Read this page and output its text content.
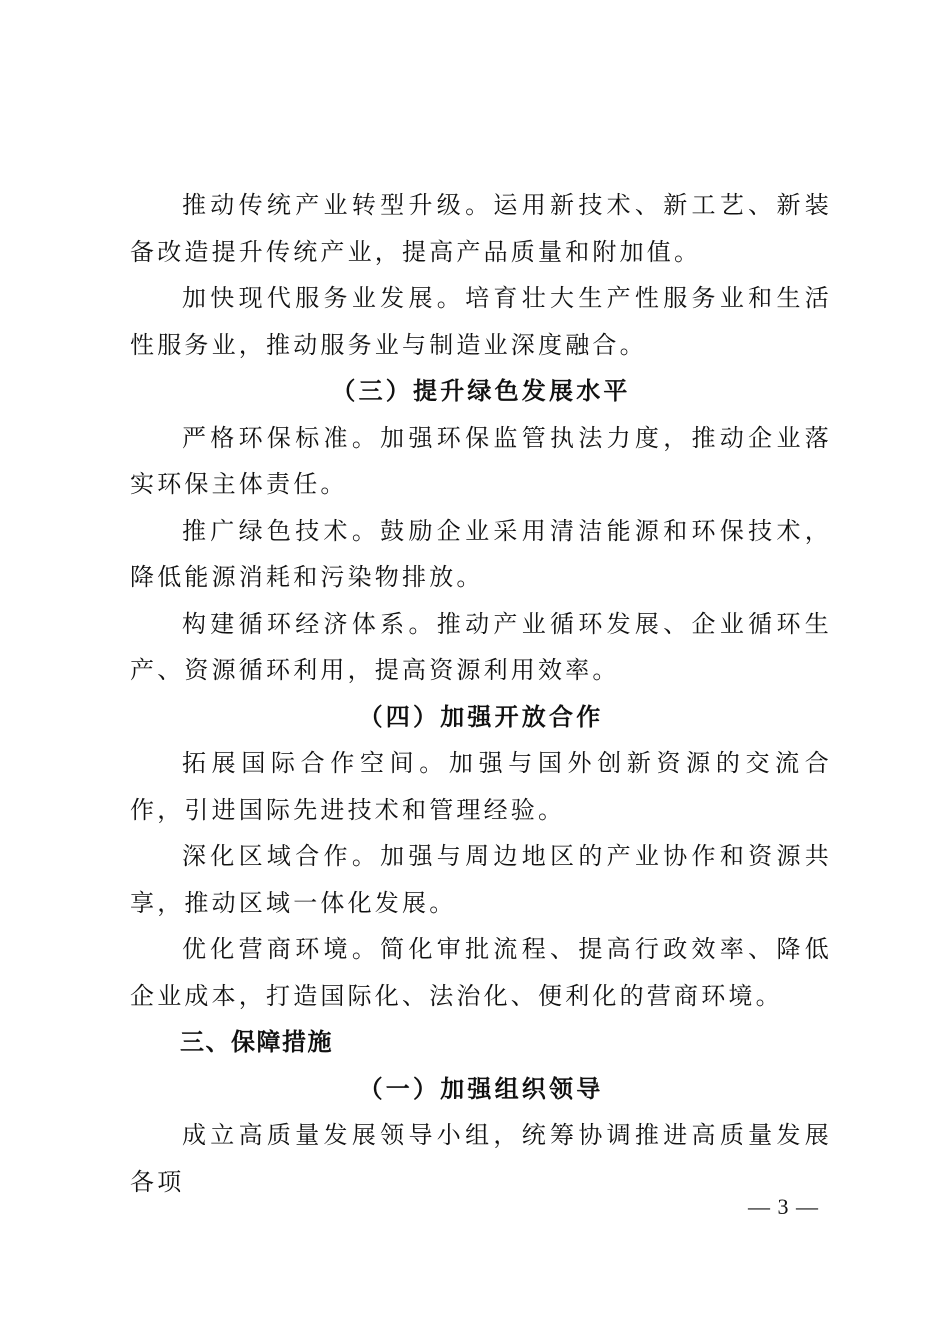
推动传统产业转型升级。运用新技术、新工艺、新装备改造提升传统产业，提高产品质量和附加值。

加快现代服务业发展。培育壮大生产性服务业和生活性服务业，推动服务业与制造业深度融合。

（三）提升绿色发展水平

严格环保标准。加强环保监管执法力度，推动企业落实环保主体责任。

推广绿色技术。鼓励企业采用清洁能源和环保技术，降低能源消耗和污染物排放。

构建循环经济体系。推动产业循环发展、企业循环生产、资源循环利用，提高资源利用效率。

（四）加强开放合作

拓展国际合作空间。加强与国外创新资源的交流合作，引进国际先进技术和管理经验。

深化区域合作。加强与周边地区的产业协作和资源共享，推动区域一体化发展。

优化营商环境。简化审批流程、提高行政效率、降低企业成本，打造国际化、法治化、便利化的营商环境。

三、保障措施

（一）加强组织领导

成立高质量发展领导小组，统筹协调推进高质量发展各项

— 3 —
